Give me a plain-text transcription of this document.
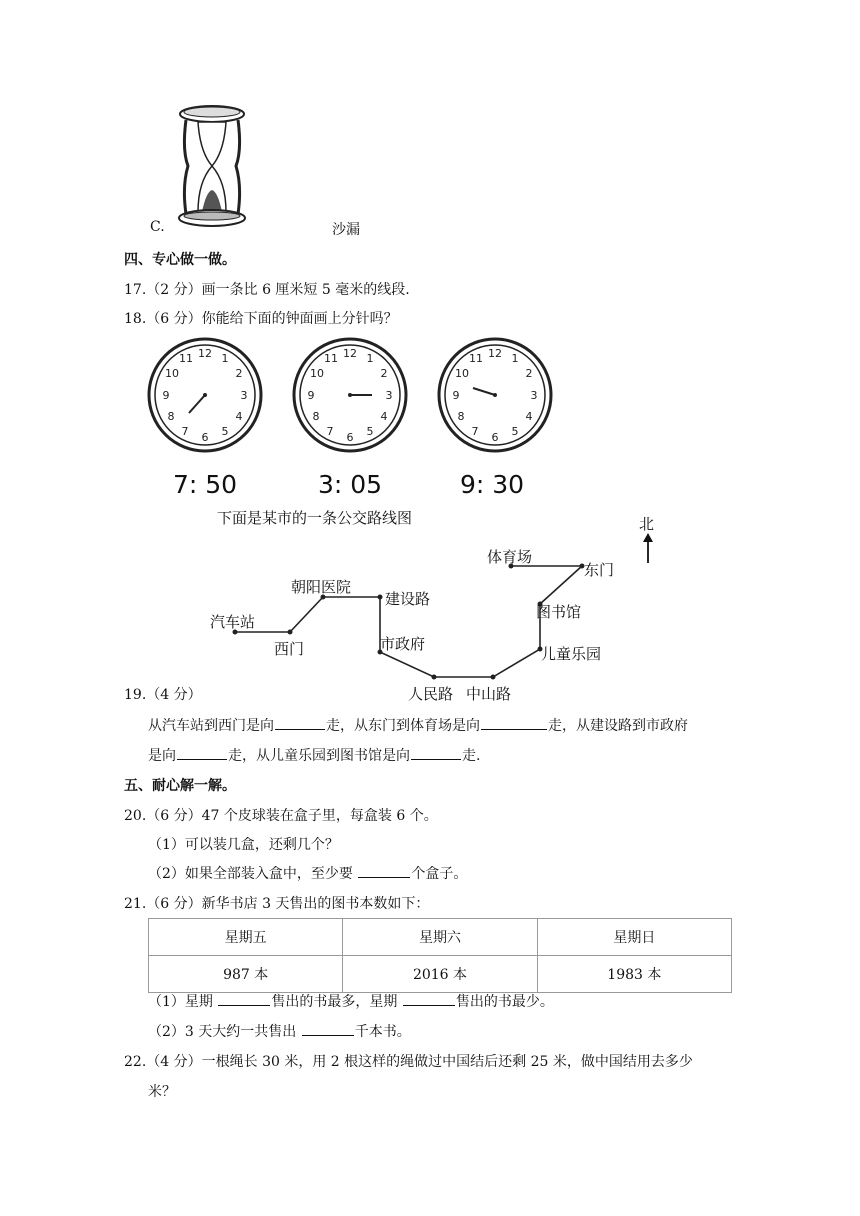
C.	沙漏
四、专心做一做。
17.（2 分）画一条比 6 厘米短 5 毫米的线段.
18.（6 分）你能给下面的钟面画上分针吗？
12 1
2
3
4
5
6
7
8
9
10
11	12 1
2
3
4
5
6
7
8
9
10
11	12 1
2
3
4
5
6
7
8
9
10
11
7: 50	3: 05	9: 30
下面是某市的一条公交路线图	北
汽车站
西门
朝阳医院
建设路
市政府
人民路 中山路
儿童乐园
图书馆
东门
体育场
19.（4 分）
从汽车站到西门是向	走，从东门到体育场是向	走，从建设路到市政府
是向	走，从儿童乐园到图书馆是向	走.
五、耐心解一解。
20.（6 分）47 个皮球装在盒子里，每盒装 6 个。
（1）可以装几盒，还剩几个？
（2）如果全部装入盒中，至少要	个盒子。
21.（6 分）新华书店 3 天售出的图书本数如下：
星期五	星期六	星期日
987 本	2016 本	1983 本
（1）星期	售出的书最多，星期	售出的书最少。
（2）3 天大约一共售出	千本书。
22.（4 分）一根绳长 30 米，用 2 根这样的绳做过中国结后还剩 25 米，做中国结用去多少
米？
